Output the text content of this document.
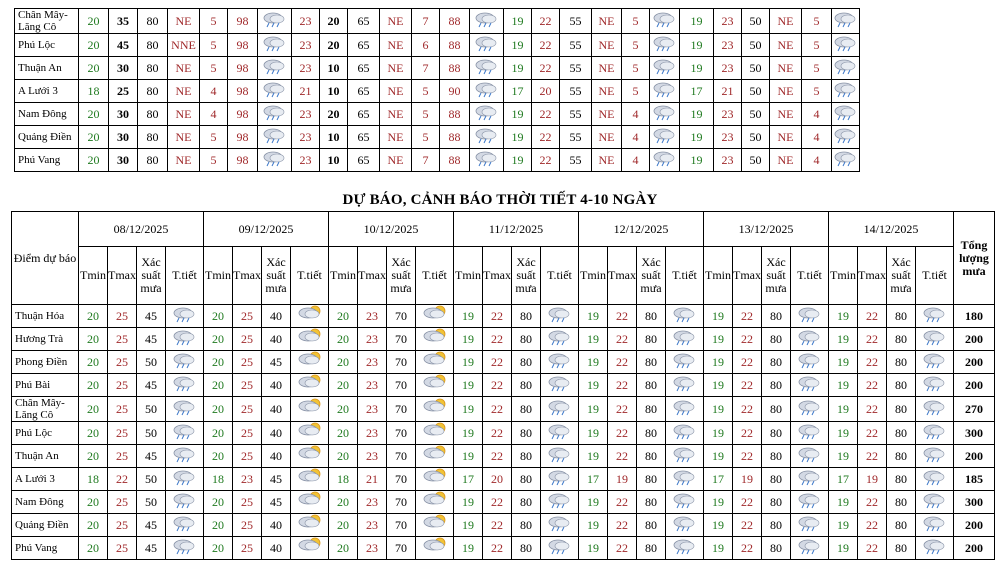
Chân Mây-Lăng Cô	20	35	80	NE	5	98		23	20	65	NE	7	88		19	22	55	NE	5		19	23	50	NE	5	
Phú Lộc	20	45	80	NNE	5	98		23	20	65	NE	6	88		19	22	55	NE	5		19	23	50	NE	5	
Thuận An	20	30	80	NE	5	98		23	10	65	NE	7	88		19	22	55	NE	5		19	23	50	NE	5	
A Lưới 3	18	25	80	NE	4	98		21	10	65	NE	5	90		17	20	55	NE	5		17	21	50	NE	5	
Nam Đông	20	30	80	NE	4	98		23	20	65	NE	5	88		19	22	55	NE	4		19	23	50	NE	4	
Quảng Điền	20	30	80	NE	5	98		23	10	65	NE	5	88		19	22	55	NE	4		19	23	50	NE	4	
Phú Vang	20	30	80	NE	5	98		23	10	65	NE	7	88		19	22	55	NE	4		19	23	50	NE	4	
DỰ BÁO, CẢNH BÁO THỜI TIẾT 4-10 NGÀY
Điểm dự báo	08/12/2025				09/12/2025				10/12/2025				11/12/2025				12/12/2025				13/12/2025				14/12/2025				Tổng lượng mưa
	Tmin	Tmax	Xác suất mưa	T.tiết	Tmin	Tmax	Xác suất mưa	T.tiết	Tmin	Tmax	Xác suất mưa	T.tiết	Tmin	Tmax	Xác suất mưa	T.tiết	Tmin	Tmax	Xác suất mưa	T.tiết	Tmin	Tmax	Xác suất mưa	T.tiết	Tmin	Tmax	Xác suất mưa	T.tiết	
Thuận Hóa	20	25	45		20	25	40		20	23	70		19	22	80		19	22	80		19	22	80		19	22	80		180
Hương Trà	20	25	45		20	25	40		20	23	70		19	22	80		19	22	80		19	22	80		19	22	80		200
Phong Điền	20	25	50		20	25	45		20	23	70		19	22	80		19	22	80		19	22	80		19	22	80		200
Phú Bài	20	25	45		20	25	40		20	23	70		19	22	80		19	22	80		19	22	80		19	22	80		200
Chân Mây-Lăng Cô	20	25	50		20	25	40		20	23	70		19	22	80		19	22	80		19	22	80		19	22	80		270
Phú Lộc	20	25	50		20	25	40		20	23	70		19	22	80		19	22	80		19	22	80		19	22	80		300
Thuận An	20	25	45		20	25	40		20	23	70		19	22	80		19	22	80		19	22	80		19	22	80		200
A Lưới 3	18	22	50		18	23	45		18	21	70		17	20	80		17	19	80		17	19	80		17	19	80		185
Nam Đông	20	25	50		20	25	45		20	23	70		19	22	80		19	22	80		19	22	80		19	22	80		300
Quảng Điền	20	25	45		20	25	40		20	23	70		19	22	80		19	22	80		19	22	80		19	22	80		200
Phú Vang	20	25	45		20	25	40		20	23	70		19	22	80		19	22	80		19	22	80		19	22	80		200
